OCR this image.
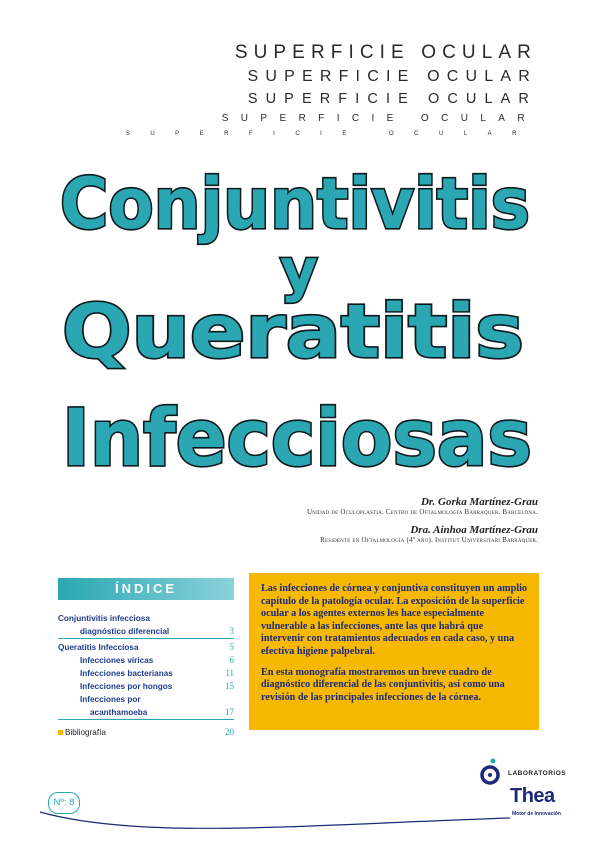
SUPERFICIE OCULAR
SUPERFICIE OCULAR
SUPERFICIE OCULAR
SUPERFICIE OCULAR
SUPERFICIE OCULAR
Conjuntivitis
y
Queratitis
Infecciosas
Dr. Gorka Martínez-Grau
Unidad de Oculoplastia. Centro de Oftalmología Barraquer. Barcelona.
Dra. Ainhoa Martínez-Grau
Residente en Oftalmología (4º año). Institut Universitari Barraquer.
ÍNDICE
Conjuntivitis infecciosa
diagnóstico diferencial	3
Queratitis Infecciosa	5
Infecciones víricas	6
Infecciones bacterianas	11
Infecciones por hongos	15
Infecciones por
acanthamoeba	17
Bibliografía	20

Las infecciones de córnea y conjuntiva constituyen un amplio capítulo de la patología ocular. La exposición de la superficie ocular a los agentes externos les hace especialmente vulnerable a las infecciones, ante las que habrá que intervenir con tratamientos adecuados en cada caso, y una efectiva higiene palpebral.

En esta monografía mostraremos un breve cuadro de diagnóstico diferencial de las conjuntivitis, así como una revisión de las principales infecciones de la córnea.

Nº: 8
LABORATORIOS
Thea
Motor de Innovación
